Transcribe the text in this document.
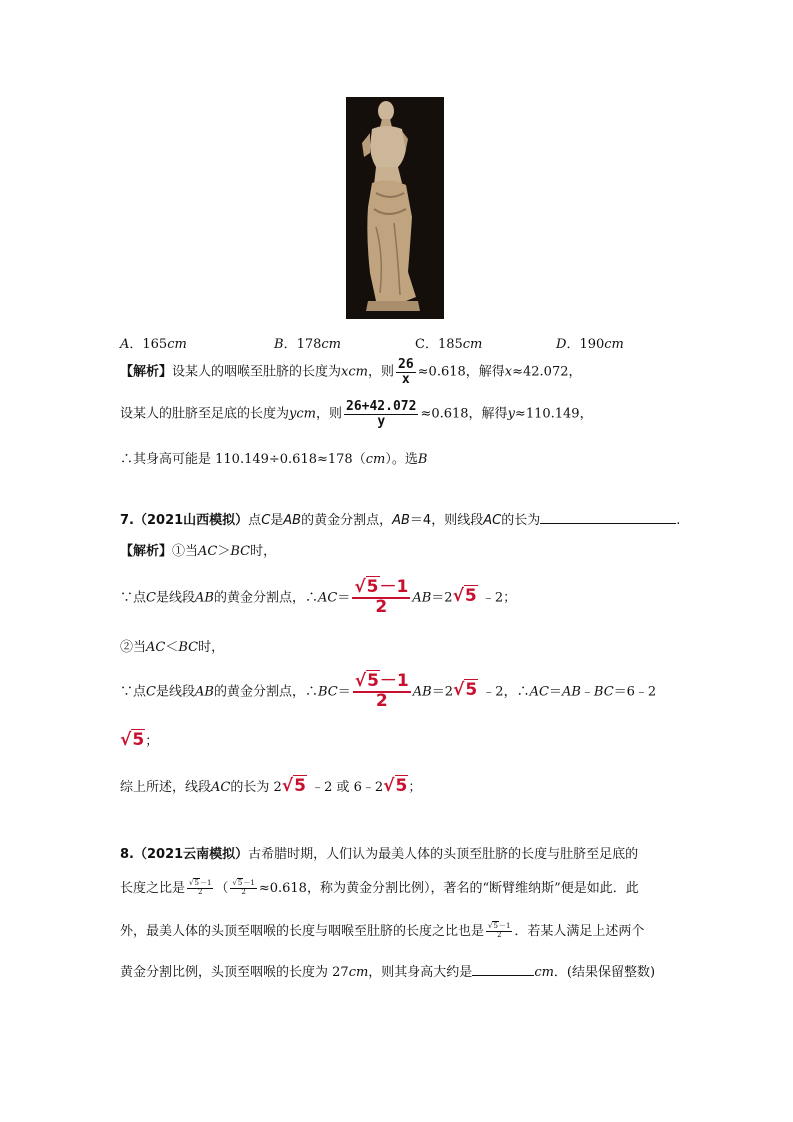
A．165cm	B．178cm	C．185cm	D．190cm
【解析】设某人的咽喉至肚脐的长度为xcm，则 $\frac{26}{x} \approx 0.618$，解得x≈42.072，
设某人的肚脐至足底的长度为ycm，则 $\frac{26+42.072}{y} \approx 0.618$，解得y≈110.149，
∴其身高可能是 110.149÷0.618≈178（cm）。选B
7.（2021山西模拟）点C是AB的黄金分割点，AB＝4，则线段AC的长为	.
【解析】①当AC＞BC时，
∵点C是线段AB的黄金分割点，∴AC＝ $\frac{√5-1}{2} AB=2√5$ ﹣2；
②当AC＜BC时，
∵点C是线段AB的黄金分割点，∴BC＝ $\frac{√5-1}{2} AB=2√5$ ﹣2，∴AC＝AB﹣BC＝6﹣2
√5；
综上所述，线段AC的长为 2√5 ﹣2 或 6﹣2√5；
8.（2021云南模拟）古希腊时期，人们认为最美人体的头顶至肚脐的长度与肚脐至足底的
长度之比是 $\frac{√5-1}{2}$ （ $\frac{√5-1}{2} \approx 0.618$，称为黄金分割比例），著名的“断臂维纳斯”便是如此．此
外，最美人体的头顶至咽喉的长度与咽喉至肚脐的长度之比也是 $\frac{√5-1}{2}$ ．若某人满足上述两个
黄金分割比例，头顶至咽喉的长度为 27cm，则其身高大约是	cm．(结果保留整数)
